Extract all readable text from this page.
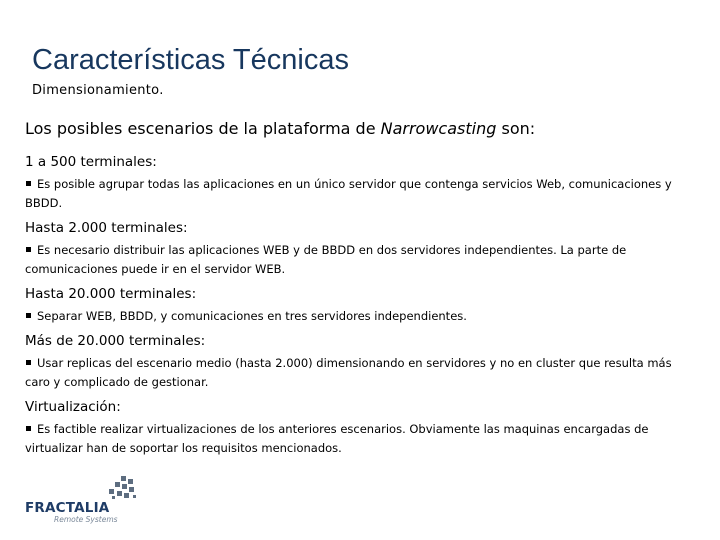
Características Técnicas
Dimensionamiento.
Los posibles escenarios de la plataforma de Narrowcasting son:

1 a 500 terminales:

Es posible agrupar todas las aplicaciones en un único servidor que contenga servicios Web, comunicaciones y BBDD.

Hasta 2.000 terminales:

Es necesario distribuir las aplicaciones WEB y de BBDD en dos servidores independientes. La parte de comunicaciones puede ir en el servidor WEB.

Hasta 20.000 terminales:

Separar WEB, BBDD, y comunicaciones en tres servidores independientes.

Más de 20.000 terminales:

Usar replicas del escenario medio (hasta 2.000) dimensionando en servidores y no en cluster que resulta más caro y complicado de gestionar.

Virtualización:

Es factible realizar virtualizaciones de los anteriores escenarios. Obviamente las maquinas encargadas de virtualizar han de soportar los requisitos mencionados.

FRACTALIA
Remote Systems
